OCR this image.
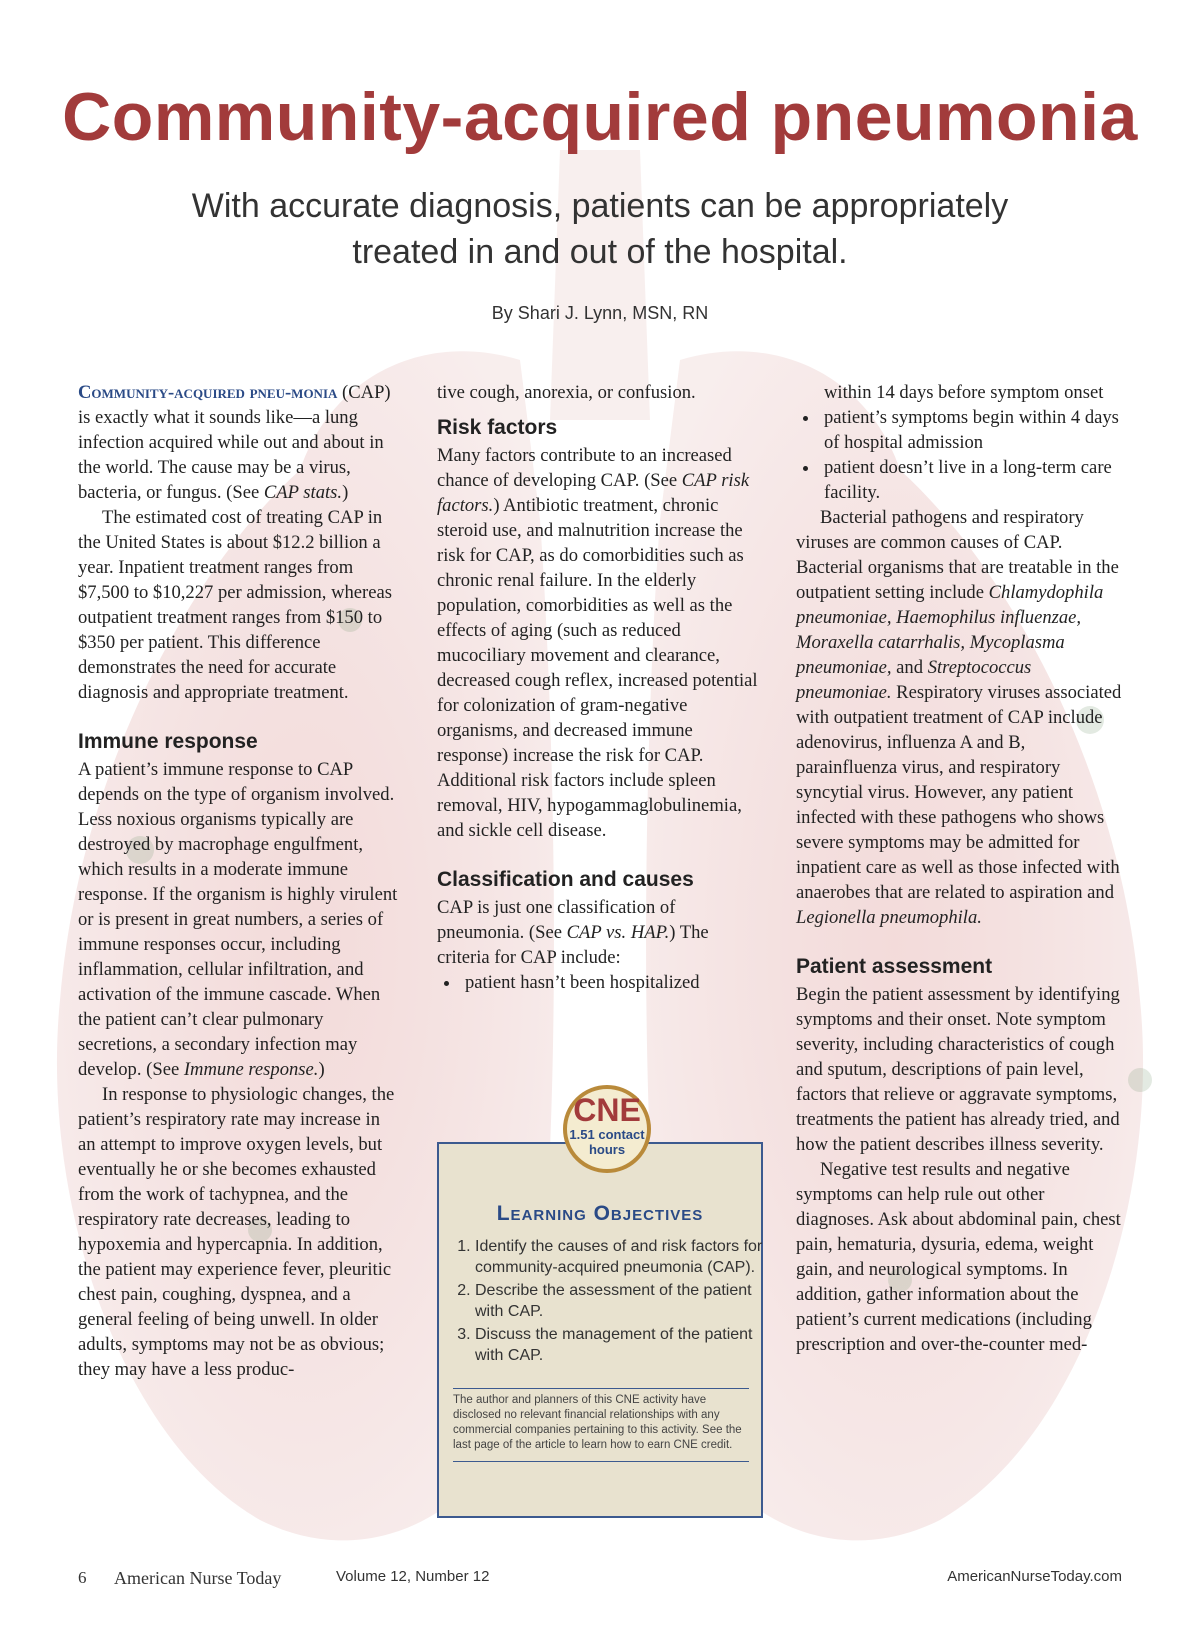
Community-acquired pneumonia
With accurate diagnosis, patients can be appropriately treated in and out of the hospital.
By Shari J. Lynn, MSN, RN

Community-acquired pneu-monia (CAP) is exactly what it sounds like—a lung infection acquired while out and about in the world. The cause may be a virus, bacteria, or fungus. (See CAP stats.)

The estimated cost of treating CAP in the United States is about $12.2 billion a year. Inpatient treatment ranges from $7,500 to $10,227 per admission, whereas outpatient treatment ranges from $150 to $350 per patient. This difference demonstrates the need for accurate diagnosis and appropriate treatment.

Immune response

A patient’s immune response to CAP depends on the type of organism involved. Less noxious organisms typically are destroyed by macrophage engulfment, which results in a moderate immune response. If the organism is highly virulent or is present in great numbers, a series of immune responses occur, including inflammation, cellular infiltration, and activation of the immune cascade. When the patient can’t clear pulmonary secretions, a secondary infection may develop. (See Immune response.)

In response to physiologic changes, the patient’s respiratory rate may increase in an attempt to improve oxygen levels, but eventually he or she becomes exhausted from the work of tachypnea, and the respiratory rate decreases, leading to hypoxemia and hypercapnia. In addition, the patient may experience fever, pleuritic chest pain, coughing, dyspnea, and a general feeling of being unwell. In older adults, symptoms may not be as obvious; they may have a less produc-

tive cough, anorexia, or confusion.

Risk factors

Many factors contribute to an increased chance of developing CAP. (See CAP risk factors.) Antibiotic treatment, chronic steroid use, and malnutrition increase the risk for CAP, as do comorbidities such as chronic renal failure. In the elderly population, comorbidities as well as the effects of aging (such as reduced mucociliary movement and clearance, decreased cough reflex, increased potential for colonization of gram-negative organisms, and decreased immune response) increase the risk for CAP. Additional risk factors include spleen removal, HIV, hypogammaglobulinemia, and sickle cell disease.

Classification and causes

CAP is just one classification of pneumonia. (See CAP vs. HAP.) The criteria for CAP include:

• patient hasn’t been hospitalized
within 14 days before symptom onset
• patient’s symptoms begin within 4 days of hospital admission
• patient doesn’t live in a long-term care facility.

Bacterial pathogens and respiratory viruses are common causes of CAP. Bacterial organisms that are treatable in the outpatient setting include Chlamydophila pneumoniae, Haemophilus influenzae, Moraxella catarrhalis, Mycoplasma pneumoniae, and Streptococcus pneumoniae. Respiratory viruses associated with outpatient treatment of CAP include adenovirus, influenza A and B, parainfluenza virus, and respiratory syncytial virus. However, any patient infected with these pathogens who shows severe symptoms may be admitted for inpatient care as well as those infected with anaerobes that are related to aspiration and Legionella pneumophila.

Patient assessment

Begin the patient assessment by identifying symptoms and their onset. Note symptom severity, including characteristics of cough and sputum, descriptions of pain level, factors that relieve or aggravate symptoms, treatments the patient has already tried, and how the patient describes illness severity.

Negative test results and negative symptoms can help rule out other diagnoses. Ask about abdominal pain, chest pain, hematuria, dysuria, edema, weight gain, and neurological symptoms. In addition, gather information about the patient’s current medications (including prescription and over-the-counter med-

Learning Objectives
1. Identify the causes of and risk factors for community-acquired pneumonia (CAP).
2. Describe the assessment of the patient with CAP.
3. Discuss the management of the patient with CAP.
The author and planners of this CNE activity have disclosed no relevant financial relationships with any commercial companies pertaining to this activity. See the last page of the article to learn how to earn CNE credit.
CNE
1.51 contact
hours
6 American Nurse Today	Volume 12, Number 12	AmericanNurseToday.com
